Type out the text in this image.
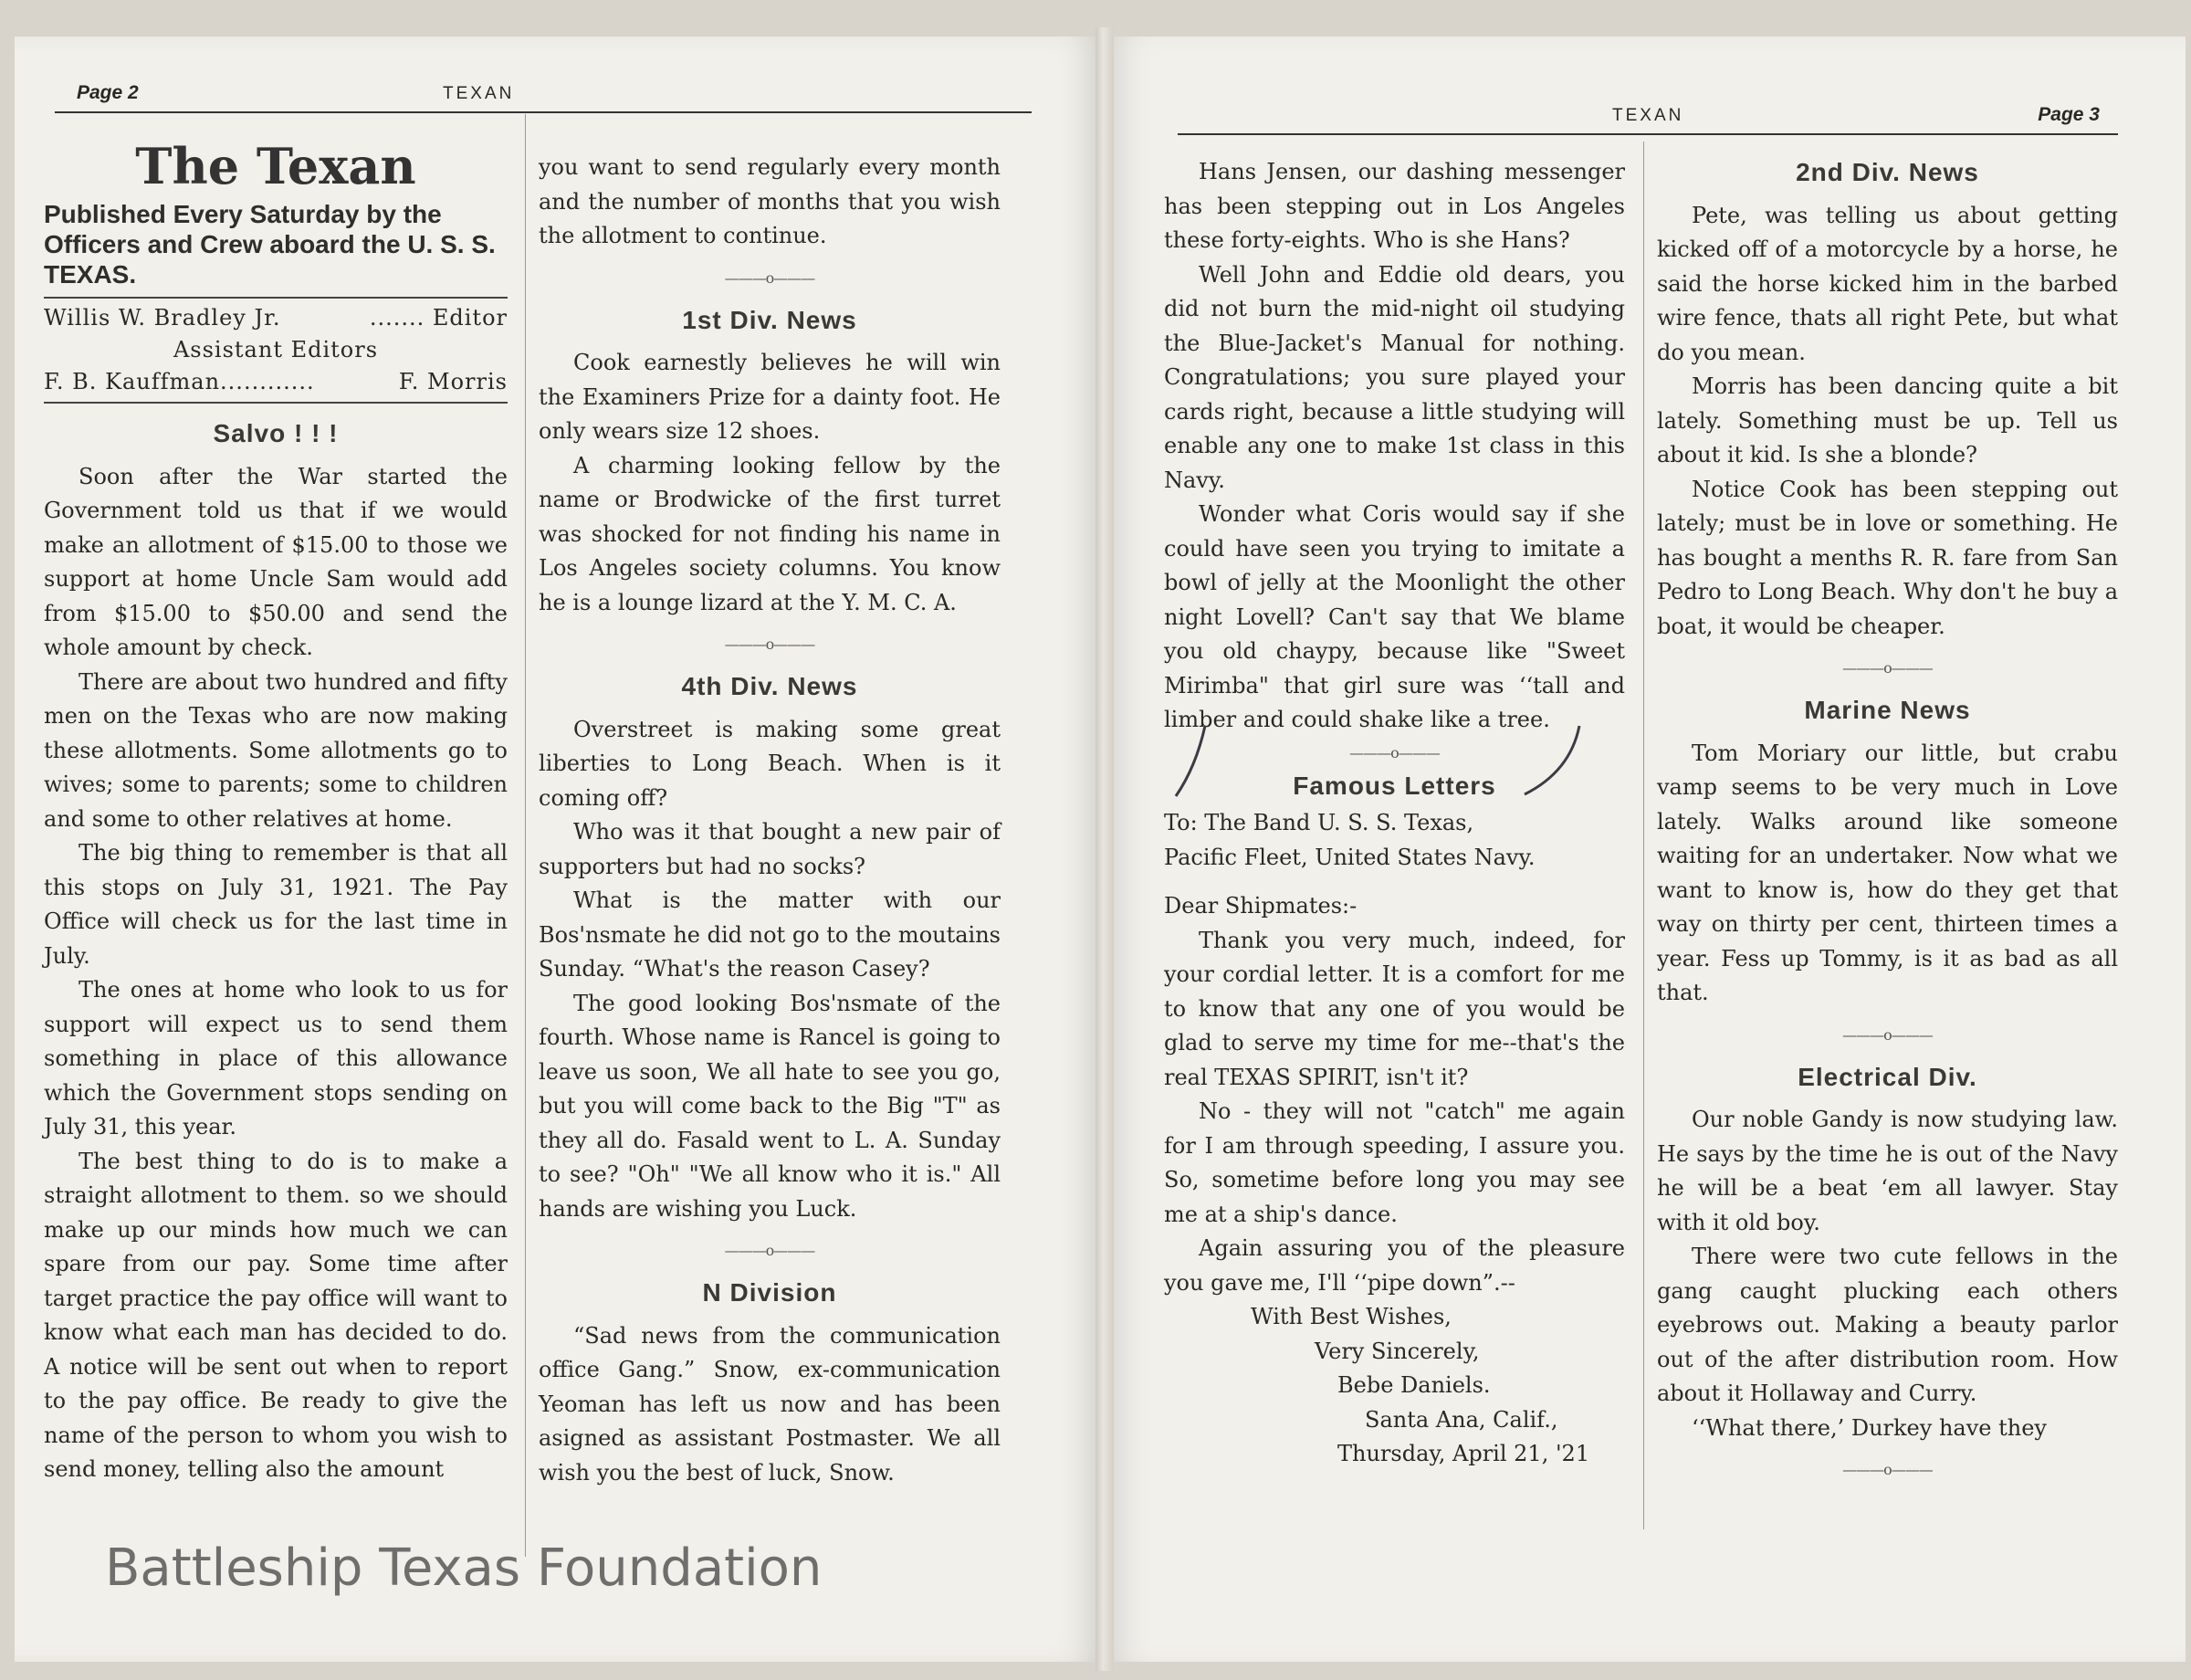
Page 2	TEXAN
The Texan
Published Every Saturday by the Officers and Crew aboard the U. S. S. TEXAS.
Willis W. Bradley Jr.	....... Editor
Assistant Editors
F. B. Kauffman............	F. Morris
Salvo ! ! !

Soon after the War started the Government told us that if we would make an allotment of $15.00 to those we support at home Uncle Sam would add from $15.00 to $50.00 and send the whole amount by check.

There are about two hundred and fifty men on the Texas who are now making these allotments. Some allotments go to wives; some to parents; some to children and some to other relatives at home.

The big thing to remember is that all this stops on July 31, 1921. The Pay Office will check us for the last time in July.

The ones at home who look to us for support will expect us to send them something in place of this allowance which the Government stops sending on July 31, this year.

The best thing to do is to make a straight allotment to them. so we should make up our minds how much we can spare from our pay. Some time after target practice the pay office will want to know what each man has decided to do. A notice will be sent out when to report to the pay office. Be ready to give the name of the person to whom you wish to send money, telling also the amount

you want to send regularly every month and the number of months that you wish the allotment to continue.

———o———
1st Div. News

Cook earnestly believes he will win the Examiners Prize for a dainty foot. He only wears size 12 shoes.

A charming looking fellow by the name or Brodwicke of the first turret was shocked for not finding his name in Los Angeles society columns. You know he is a lounge lizard at the Y. M. C. A.

———o———
4th Div. News

Overstreet is making some great liberties to Long Beach. When is it coming off?

Who was it that bought a new pair of supporters but had no socks?

What is the matter with our Bos'nsmate he did not go to the moutains Sunday. “What's the reason Casey?

The good looking Bos'nsmate of the fourth. Whose name is Rancel is going to leave us soon, We all hate to see you go, but you will come back to the Big "T" as they all do. Fasald went to L. A. Sunday to see? "Oh" "We all know who it is." All hands are wishing you Luck.

———o———
N Division

“Sad news from the communication office Gang.” Snow, ex-communication Yeoman has left us now and has been asigned as assistant Postmaster. We all wish you the best of luck, Snow.

Battleship Texas Foundation
TEXAN	Page 3

Hans Jensen, our dashing messenger has been stepping out in Los Angeles these forty-eights. Who is she Hans?

Well John and Eddie old dears, you did not burn the mid-night oil studying the Blue-Jacket's Manual for nothing. Congratulations; you sure played your cards right, because a little studying will enable any one to make 1st class in this Navy.

Wonder what Coris would say if she could have seen you trying to imitate a bowl of jelly at the Moonlight the other night Lovell? Can't say that We blame you old chaypy, because like "Sweet Mirimba" that girl sure was ‘‘tall and limber and could shake like a tree.

———o———
Famous Letters

To: The Band U. S. S. Texas,

Pacific Fleet, United States Navy.

Dear Shipmates:-

Thank you very much, indeed, for your cordial letter. It is a comfort for me to know that any one of you would be glad to serve my time for me--that's the real TEXAS SPIRIT, isn't it?

No - they will not "catch" me again for I am through speeding, I assure you. So, sometime before long you may see me at a ship's dance.

Again assuring you of the pleasure you gave me, I'll ‘‘pipe down”.--

With Best Wishes,

Very Sincerely,

Bebe Daniels.

Santa Ana, Calif.,

Thursday, April 21, '21

2nd Div. News

Pete, was telling us about getting kicked off of a motorcycle by a horse, he said the horse kicked him in the barbed wire fence, thats all right Pete, but what do you mean.

Morris has been dancing quite a bit lately. Something must be up. Tell us about it kid. Is she a blonde?

Notice Cook has been stepping out lately; must be in love or something. He has bought a menths R. R. fare from San Pedro to Long Beach. Why don't he buy a boat, it would be cheaper.

———o———
Marine News

Tom Moriary our little, but crabu vamp seems to be very much in Love lately. Walks around like someone waiting for an undertaker. Now what we want to know is, how do they get that way on thirty per cent, thirteen times a year. Fess up Tommy, is it as bad as all that.

———o———
Electrical Div.

Our noble Gandy is now studying law. He says by the time he is out of the Navy he will be a beat ‘em all lawyer. Stay with it old boy.

There were two cute fellows in the gang caught plucking each others eyebrows out. Making a beauty parlor out of the after distribution room. How about it Hollaway and Curry.

‘‘What there,’ Durkey have they

———o———
